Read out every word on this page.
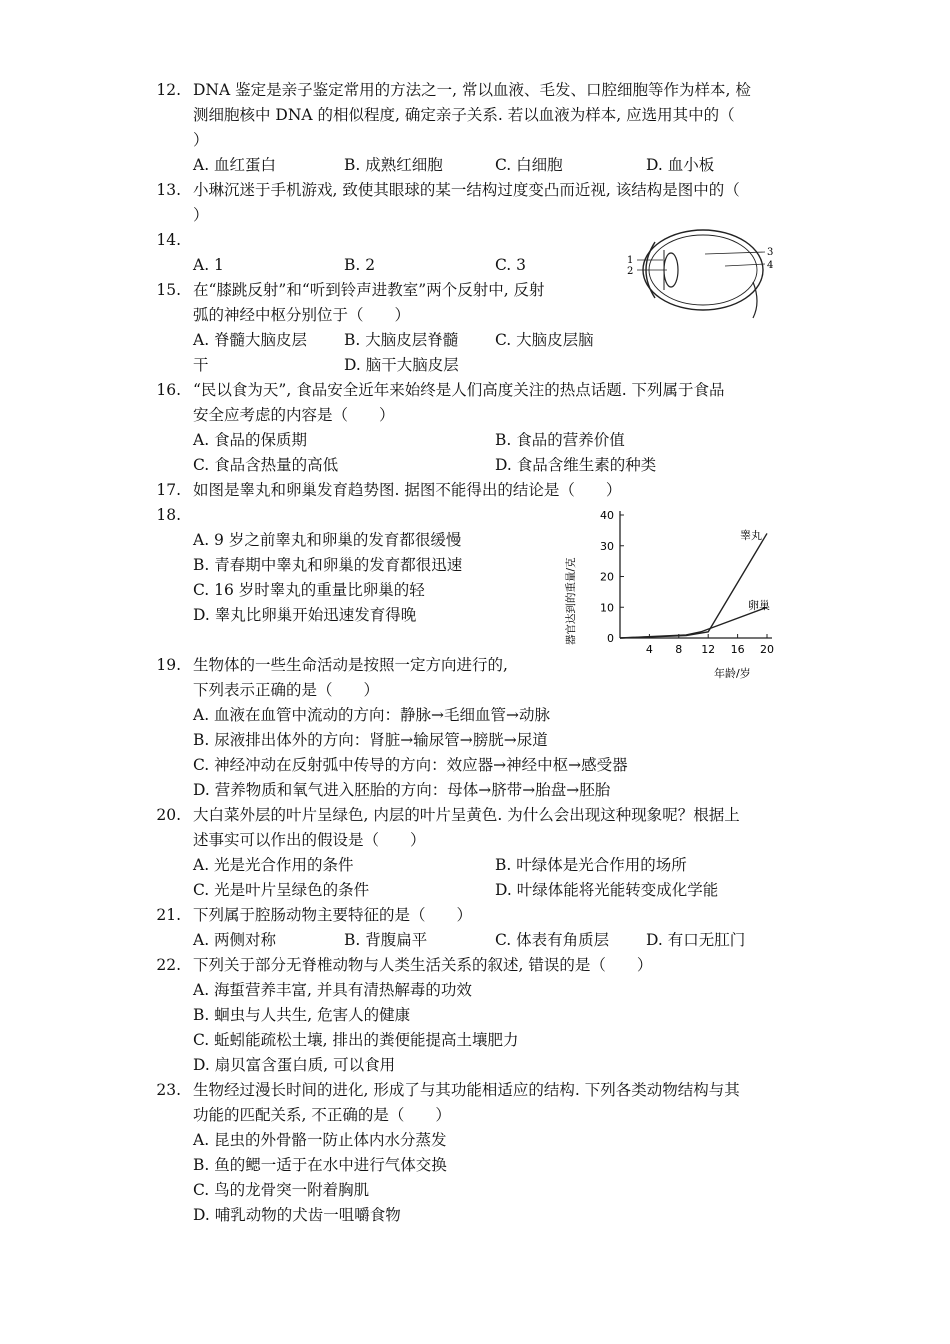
12. DNA 鉴定是亲子鉴定常用的方法之一, 常以血液、毛发、口腔细胞等作为样本, 检
测细胞核中 DNA 的相似程度, 确定亲子关系. 若以血液为样本, 应选用其中的（
）
A. 血红蛋白	B. 成熟红细胞	C. 白细胞	D. 血小板
13. 小琳沉迷于手机游戏, 致使其眼球的某一结构过度变凸而近视, 该结构是图中的（
）
14.
A. 1	B. 2	C. 3	1
2
3
4
15. 在“膝跳反射”和“听到铃声进教室”两个反射中, 反射
弧的神经中枢分别位于（　　）
A. 脊髓大脑皮层 B. 大脑皮层脊髓 C. 大脑皮层脑
干	D. 脑干大脑皮层
16. “民以食为天”, 食品安全近年来始终是人们高度关注的热点话题. 下列属于食品
安全应考虑的内容是（　　）
A. 食品的保质期	B. 食品的营养价值
C. 食品含热量的高低	D. 食品含维生素的种类
17. 如图是睾丸和卵巢发育趋势图. 据图不能得出的结论是（　　）
18.
A. 9 岁之前睾丸和卵巢的发育都很缓慢
B. 青春期中睾丸和卵巢的发育都很迅速
C. 16 岁时睾丸的重量比卵巢的轻
D. 睾丸比卵巢开始迅速发育得晚
4 8 12 16 20
0
10
20
30
40
器官达到的重量/克
年龄/岁
睾丸
卵巢
19. 生物体的一些生命活动是按照一定方向进行的,
下列表示正确的是（　　）
A. 血液在血管中流动的方向：静脉→毛细血管→动脉
B. 尿液排出体外的方向：肾脏→输尿管→膀胱→尿道
C. 神经冲动在反射弧中传导的方向：效应器→神经中枢→感受器
D. 营养物质和氧气进入胚胎的方向：母体→脐带→胎盘→胚胎
20. 大白菜外层的叶片呈绿色, 内层的叶片呈黄色. 为什么会出现这种现象呢？根据上
述事实可以作出的假设是（　　）
A. 光是光合作用的条件	B. 叶绿体是光合作用的场所
C. 光是叶片呈绿色的条件	D. 叶绿体能将光能转变成化学能
21. 下列属于腔肠动物主要特征的是（　　）
A. 两侧对称	B. 背腹扁平	C. 体表有角质层 D. 有口无肛门
22. 下列关于部分无脊椎动物与人类生活关系的叙述, 错误的是（　　）
A. 海蜇营养丰富, 并具有清热解毒的功效
B. 蛔虫与人共生, 危害人的健康
C. 蚯蚓能疏松土壤, 排出的粪便能提高土壤肥力
D. 扇贝富含蛋白质, 可以食用
23. 生物经过漫长时间的进化, 形成了与其功能相适应的结构. 下列各类动物结构与其
功能的匹配关系, 不正确的是（　　）
A. 昆虫的外骨骼一防止体内水分蒸发
B. 鱼的鳃一适于在水中进行气体交换
C. 鸟的龙骨突一附着胸肌
D. 哺乳动物的犬齿一咀嚼食物
